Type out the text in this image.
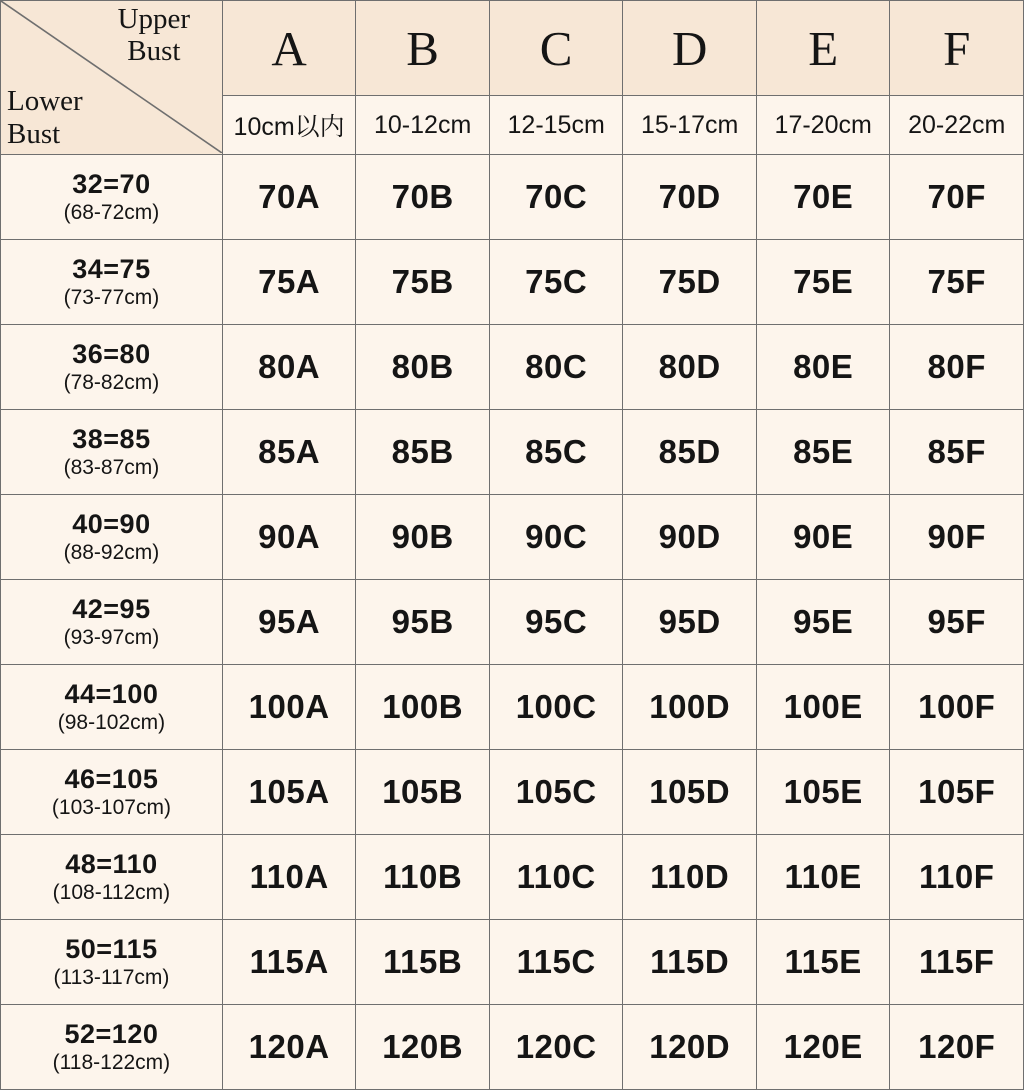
Upper Bust
Lower Bust	A	B	C	D	E	F
	10cm以内	10-12cm	12-15cm	15-17cm	17-20cm	20-22cm

32=70
(68-72cm)	70A	70B	70C	70D	70E	70F

34=75
(73-77cm)	75A	75B	75C	75D	75E	75F

36=80
(78-82cm)	80A	80B	80C	80D	80E	80F

38=85
(83-87cm)	85A	85B	85C	85D	85E	85F

40=90
(88-92cm)	90A	90B	90C	90D	90E	90F

42=95
(93-97cm)	95A	95B	95C	95D	95E	95F

44=100
(98-102cm)	100A	100B	100C	100D	100E	100F

46=105
(103-107cm)	105A	105B	105C	105D	105E	105F

48=110
(108-112cm)	110A	110B	110C	110D	110E	110F

50=115
(113-117cm)	115A	115B	115C	115D	115E	115F

52=120
(118-122cm)	120A	120B	120C	120D	120E	120F
